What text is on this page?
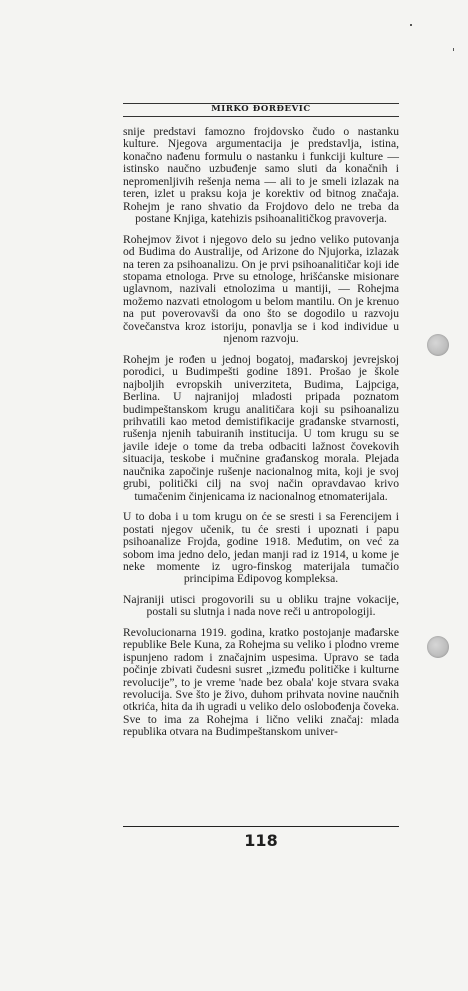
MIRKO ĐORĐEVIĆ

snije predstavi famozno frojdovsko čudo o nastanku kulture. Njegova argumentacija je predstavlja, istina, konačno nađenu formulu o nastanku i funkciji kulture — istinsko naučno uzbuđenje samo sluti da konačnih i nepromenljivih rešenja nema — ali to je smeli izlazak na teren, izlet u praksu koja je korektiv od bitnog značaja. Rohejm je rano shvatio da Frojdovo delo ne treba da postane Knjiga, katehizis psihoanalitičkog pravoverja.

Rohejmov život i njegovo delo su jedno veliko putovanja od Budima do Australije, od Arizone do Njujorka, izlazak na teren za psihoanalizu. On je prvi psihoanalitičar koji ide stopama etnologa. Prve su etnologe, hrišćanske misionare uglavnom, nazivali etnolozima u mantiji, — Rohejma možemo nazvati etnologom u belom mantilu. On je krenuo na put poverovavši da ono što se dogodilo u razvoju čovečanstva kroz istoriju, ponavlja se i kod individue u njenom razvoju.

Rohejm je rođen u jednoj bogatoj, mađarskoj jevrejskoj porodici, u Budimpešti godine 1891. Prošao je škole najboljih evropskih univerziteta, Budima, Lajpciga, Berlina. U najranijoj mladosti pripada poznatom budimpeštanskom krugu analitičara koji su psihoanalizu prihvatili kao metod demistifikacije građanske stvarnosti, rušenja njenih tabuiranih institucija. U tom krugu su se javile ideje o tome da treba odbaciti lažnost čovekovih situacija, teskobe i mučnine građanskog morala. Plejada naučnika započinje rušenje nacionalnog mita, koji je svoj grubi, politički cilj na svoj način opravdavao krivo tumačenim činjenicama iz nacionalnog etnomaterijala.

U to doba i u tom krugu on će se sresti i sa Ferencijem i postati njegov učenik, tu će sresti i upoznati i papu psihoanalize Frojda, godine 1918. Međutim, on već za sobom ima jedno delo, jedan manji rad iz 1914, u kome je neke momente iz ugro-finskog materijala tumačio principima Edipovog kompleksa.

Najraniji utisci progovorili su u obliku trajne vokacije, postali su slutnja i nada nove reči u antropologiji.

Revolucionarna 1919. godina, kratko postojanje mađarske republike Bele Kuna, za Rohejma su veliko i plodno vreme ispunjeno radom i značajnim uspesima. Upravo se tada počinje zbivati čudesni susret „između političke i kulturne revolucije”, to je vreme 'nade bez obala' koje stvara svaka revolucija. Sve što je živo, duhom prihvata novine naučnih otkrića, hita da ih ugradi u veliko delo oslobođenja čoveka. Sve to ima za Rohejma i lično veliki značaj: mlada republika otvara na Budimpeštanskom univer-

118
